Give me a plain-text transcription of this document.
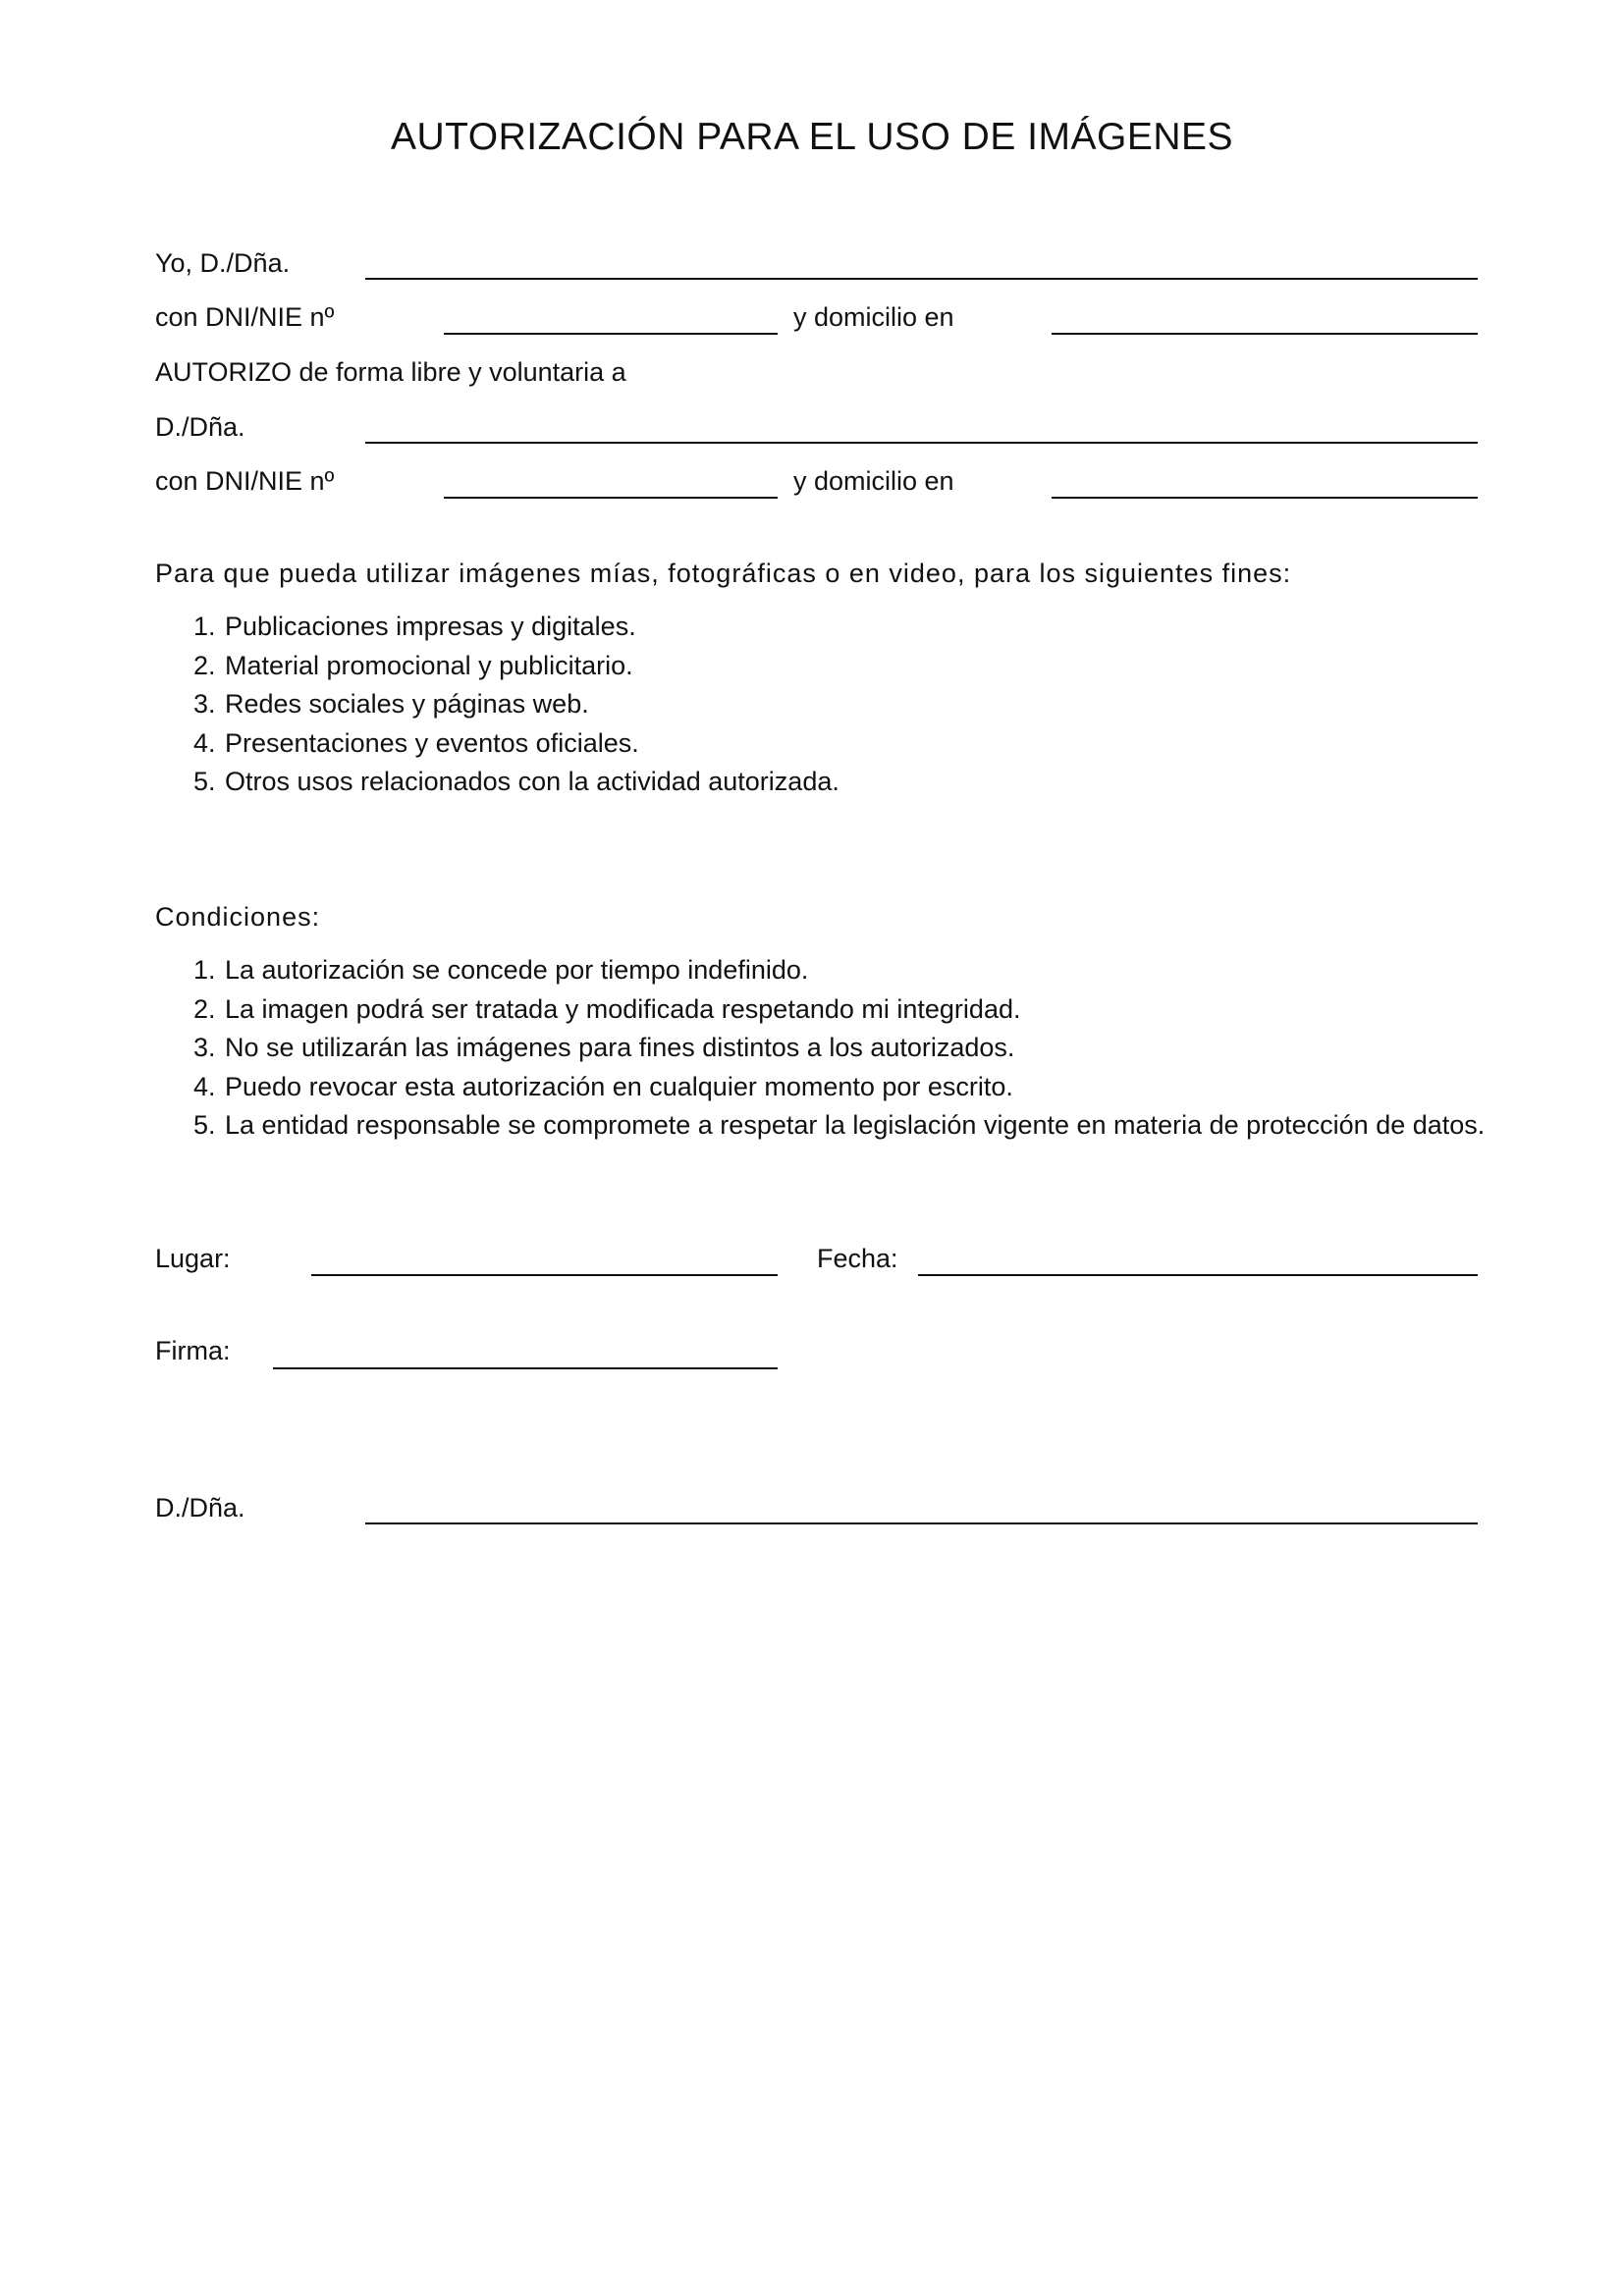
AUTORIZACIÓN PARA EL USO DE IMÁGENES
Yo, D./Dña.
con DNI/NIE nº	y domicilio en
AUTORIZO de forma libre y voluntaria a
D./Dña.
con DNI/NIE nº	y domicilio en
Para que pueda utilizar imágenes mías, fotográficas o en video, para los siguientes fines:
1. Publicaciones impresas y digitales.
2. Material promocional y publicitario.
3. Redes sociales y páginas web.
4. Presentaciones y eventos oficiales.
5. Otros usos relacionados con la actividad autorizada.
Condiciones:
1. La autorización se concede por tiempo indefinido.
2. La imagen podrá ser tratada y modificada respetando mi integridad.
3. No se utilizarán las imágenes para fines distintos a los autorizados.
4. Puedo revocar esta autorización en cualquier momento por escrito.
5. La entidad responsable se compromete a respetar la legislación vigente en materia de protección de datos.
Lugar:	Fecha:
Firma:
D./Dña.
